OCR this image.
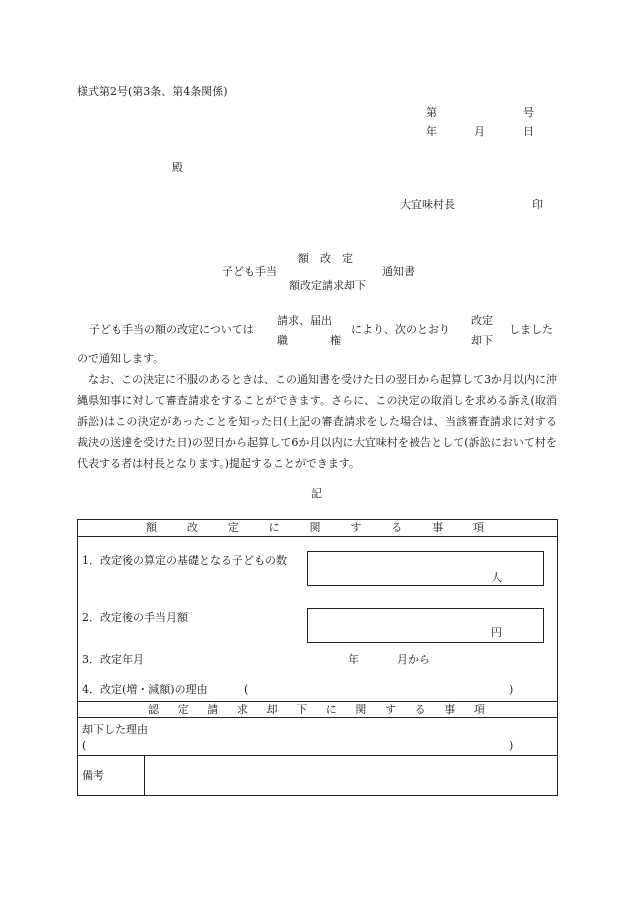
様式第2号(第3条、第4条関係)
第	号
年	月	日
殿
大宜味村長	印
額　改　定
子ども手当	通知書
額改定請求却下
子ども手当の額の改定については
請求、届出
職	権
により、次のとおり
改定
却下
しました
ので通知します。

なお、この決定に不服のあるときは、この通知書を受けた日の翌日から起算して3か月以内に沖縄県知事に対して審査請求をすることができます。さらに、この決定の取消しを求める訴え(取消訴訟)はこの決定があったことを知った日(上記の審査請求をした場合は、当該審査請求に対する裁決の送達を受けた日)の翌日から起算して6か月以内に大宜味村を被告として(訴訟において村を代表する者は村長となります。)提起することができます。

記
額	改	定	に	関	す	る	事	項
1．改定後の算定の基礎となる子どもの数
人
2．改定後の手当月額
円
3．改定年月	年	月から
4．改定(増・減額)の理由	(	)
認 定 請 求 却 下 に 関 す る 事 項
却下した理由
(	)
備考
